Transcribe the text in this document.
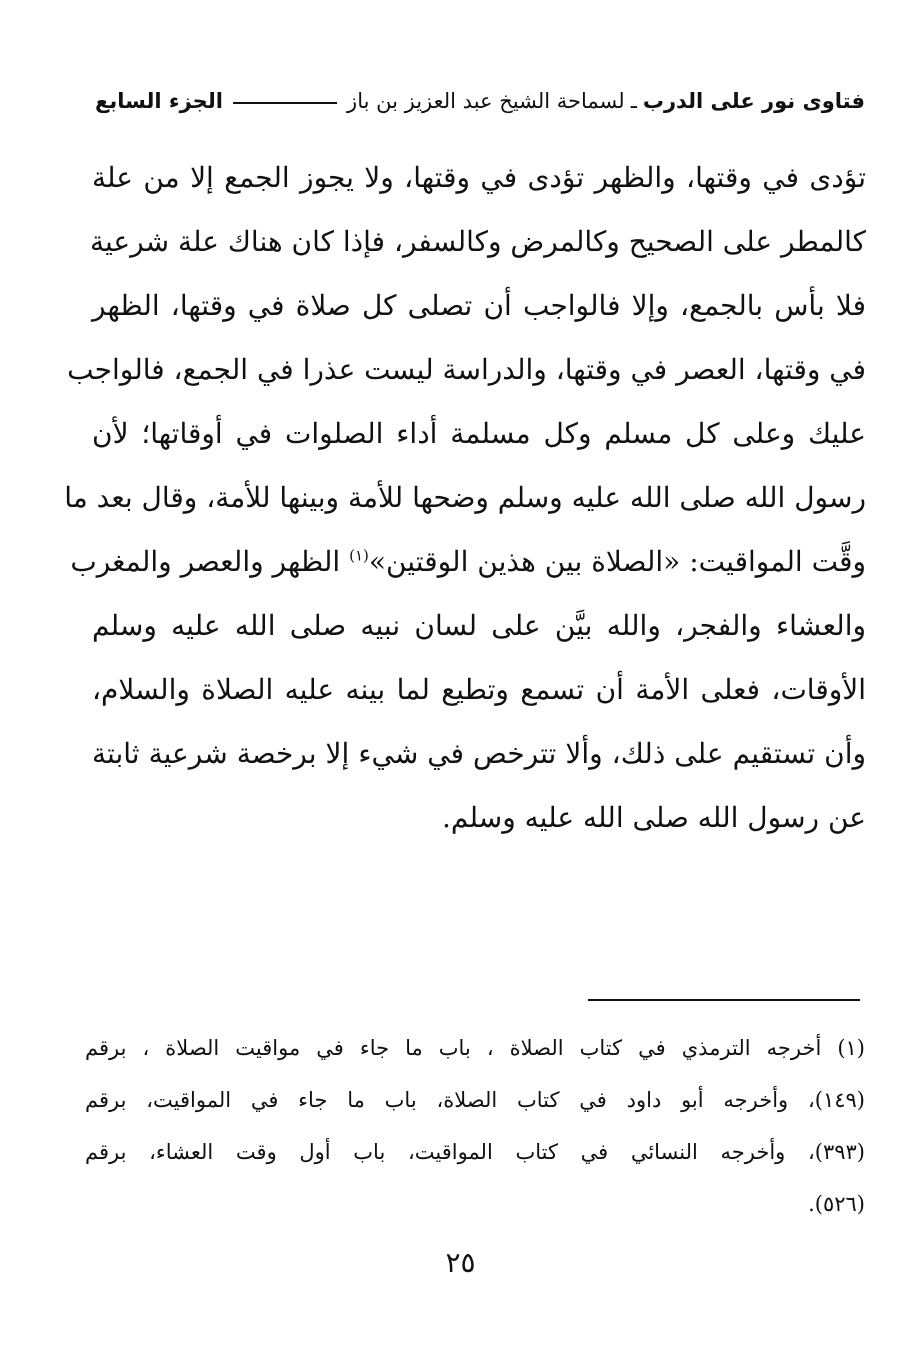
فتاوى نور على الدرب
ـ
لسماحة الشيخ عبد العزيز بن باز
الجزء السابع
تؤدى في وقتها، والظهر تؤدى في وقتها، ولا يجوز الجمع إلا من علة
كالمطر على الصحيح وكالمرض وكالسفر، فإذا كان هناك علة شرعية
فلا بأس بالجمع، وإلا فالواجب أن تصلى كل صلاة في وقتها، الظهر
في وقتها، العصر في وقتها، والدراسة ليست عذرا في الجمع، فالواجب
عليك وعلى كل مسلم وكل مسلمة أداء الصلوات في أوقاتها؛ لأن
رسول الله صلى الله عليه وسلم وضحها للأمة وبينها للأمة، وقال بعد ما
وقَّت المواقيت: «الصلاة بين هذين الوقتين»$^{(١)}$ الظهر والعصر والمغرب
والعشاء والفجر، والله بيَّن على لسان نبيه صلى الله عليه وسلم
الأوقات، فعلى الأمة أن تسمع وتطيع لما بينه عليه الصلاة والسلام،
وأن تستقيم على ذلك، وألا تترخص في شيء إلا برخصة شرعية ثابتة
عن رسول الله صلى الله عليه وسلم.
(١) أخرجه الترمذي في كتاب الصلاة ، باب ما جاء في مواقيت الصلاة ، برقم
(١٤٩)، وأخرجه أبو داود في كتاب الصلاة، باب ما جاء في المواقيت، برقم
(٣٩٣)، وأخرجه النسائي في كتاب المواقيت، باب أول وقت العشاء، برقم
(٥٢٦).
٢٥
